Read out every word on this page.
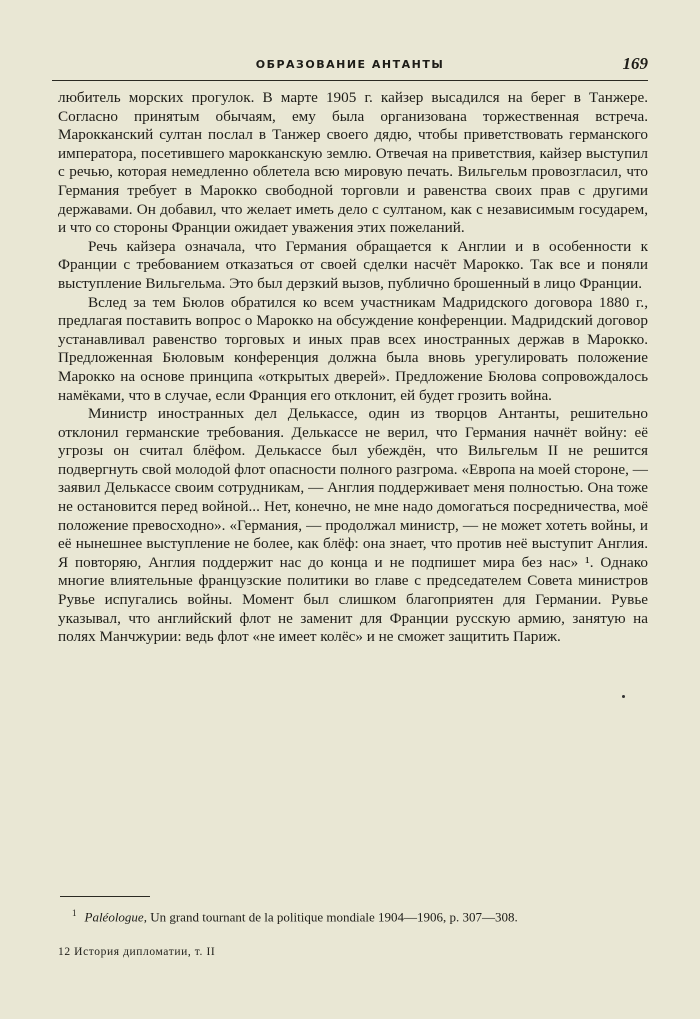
ОБРАЗОВАНИЕ АНТАНТЫ	169

любитель морских прогулок. В марте 1905 г. кайзер высадился на берег в Танжере. Согласно принятым обычаям, ему была организована торжественная встреча. Марокканский султан послал в Танжер своего дядю, чтобы приветствовать германского императора, посетившего марокканскую землю. Отвечая на приветствия, кайзер выступил с речью, которая немедленно облетела всю мировую печать. Вильгельм провозгласил, что Германия требует в Марокко свободной торговли и равенства своих прав с другими державами. Он добавил, что желает иметь дело с султаном, как с независимым государем, и что со стороны Франции ожидает уважения этих пожеланий.

Речь кайзера означала, что Германия обращается к Англии и в особенности к Франции с требованием отказаться от своей сделки насчёт Марокко. Так все и поняли выступление Вильгельма. Это был дерзкий вызов, публично брошенный в лицо Франции.

Вслед за тем Бюлов обратился ко всем участникам Мадридского договора 1880 г., предлагая поставить вопрос о Марокко на обсуждение конференции. Мадридский договор устанавливал равенство торговых и иных прав всех иностранных держав в Марокко. Предложенная Бюловым конференция должна была вновь урегулировать положение Марокко на основе принципа «открытых дверей». Предложение Бюлова сопровождалось намёками, что в случае, если Франция его отклонит, ей будет грозить война.

Министр иностранных дел Делькассе, один из творцов Антанты, решительно отклонил германские требования. Делькассе не верил, что Германия начнёт войну: её угрозы он считал блёфом. Делькассе был убеждён, что Вильгельм II не решится подвергнуть свой молодой флот опасности полного разгрома. «Европа на моей стороне, — заявил Делькассе своим сотрудникам, — Англия поддерживает меня полностью. Она тоже не остановится перед войной... Нет, конечно, не мне надо домогаться посредничества, моё положение превосходно». «Германия, — продолжал министр, — не может хотеть войны, и её нынешнее выступление не более, как блёф: она знает, что против неё выступит Англия. Я повторяю, Англия поддержит нас до конца и не подпишет мира без нас» ¹. Однако многие влиятельные французские политики во главе с председателем Совета министров Рувье испугались войны. Момент был слишком благоприятен для Германии. Рувье указывал, что английский флот не заменит для Франции русскую армию, занятую на полях Манчжурии: ведь флот «не имеет колёс» и не сможет защитить Париж.

$^1$ Paléologue, Un grand tournant de la politique mondiale 1904—1906, p. 307—308.
12 История дипломатии, т. II
